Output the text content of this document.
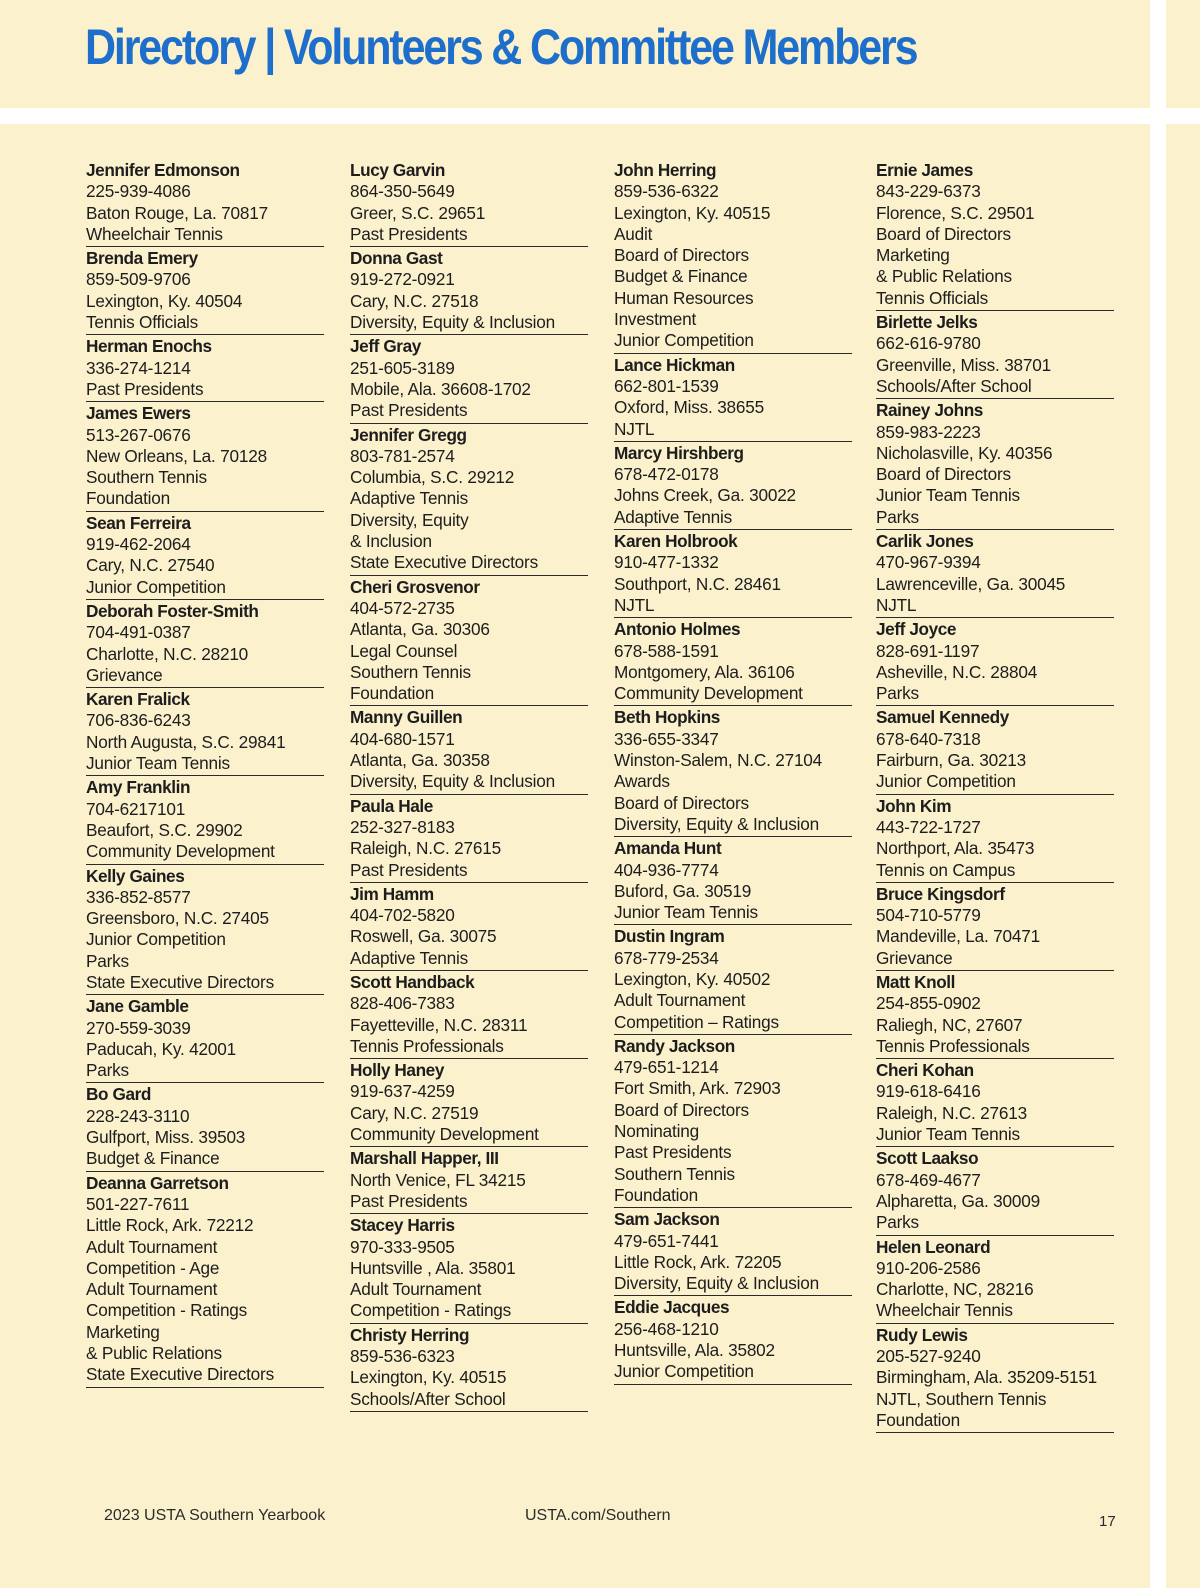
Directory | Volunteers & Committee Members
Jennifer Edmonson
225-939-4086
Baton Rouge, La. 70817
Wheelchair Tennis
Brenda Emery
859-509-9706
Lexington, Ky. 40504
Tennis Officials
Herman Enochs
336-274-1214
Past Presidents
James Ewers
513-267-0676
New Orleans, La. 70128
Southern Tennis
Foundation
Sean Ferreira
919-462-2064
Cary, N.C. 27540
Junior Competition
Deborah Foster-Smith
704-491-0387
Charlotte, N.C. 28210
Grievance
Karen Fralick
706-836-6243
North Augusta, S.C. 29841
Junior Team Tennis
Amy Franklin
704-6217101
Beaufort, S.C. 29902
Community Development
Kelly Gaines
336-852-8577
Greensboro, N.C. 27405
Junior Competition
Parks
State Executive Directors
Jane Gamble
270-559-3039
Paducah, Ky. 42001
Parks
Bo Gard
228-243-3110
Gulfport, Miss. 39503
Budget & Finance
Deanna Garretson
501-227-7611
Little Rock, Ark. 72212
Adult Tournament
Competition - Age
Adult Tournament
Competition - Ratings
Marketing
& Public Relations
State Executive Directors
Lucy Garvin
864-350-5649
Greer, S.C. 29651
Past Presidents
Donna Gast
919-272-0921
Cary, N.C. 27518
Diversity, Equity & Inclusion
Jeff Gray
251-605-3189
Mobile, Ala. 36608-1702
Past Presidents
Jennifer Gregg
803-781-2574
Columbia, S.C. 29212
Adaptive Tennis
Diversity, Equity
& Inclusion
State Executive Directors
Cheri Grosvenor
404-572-2735
Atlanta, Ga. 30306
Legal Counsel
Southern Tennis
Foundation
Manny Guillen
404-680-1571
Atlanta, Ga. 30358
Diversity, Equity & Inclusion
Paula Hale
252-327-8183
Raleigh, N.C. 27615
Past Presidents
Jim Hamm
404-702-5820
Roswell, Ga. 30075
Adaptive Tennis
Scott Handback
828-406-7383
Fayetteville, N.C. 28311
Tennis Professionals
Holly Haney
919-637-4259
Cary, N.C. 27519
Community Development
Marshall Happer, III
North Venice, FL 34215
Past Presidents
Stacey Harris
970-333-9505
Huntsville , Ala. 35801
Adult Tournament
Competition - Ratings
Christy Herring
859-536-6323
Lexington, Ky. 40515
Schools/After School
John Herring
859-536-6322
Lexington, Ky. 40515
Audit
Board of Directors
Budget & Finance
Human Resources
Investment
Junior Competition
Lance Hickman
662-801-1539
Oxford, Miss. 38655
NJTL
Marcy Hirshberg
678-472-0178
Johns Creek, Ga. 30022
Adaptive Tennis
Karen Holbrook
910-477-1332
Southport, N.C. 28461
NJTL
Antonio Holmes
678-588-1591
Montgomery, Ala. 36106
Community Development
Beth Hopkins
336-655-3347
Winston-Salem, N.C. 27104
Awards
Board of Directors
Diversity, Equity & Inclusion
Amanda Hunt
404-936-7774
Buford, Ga. 30519
Junior Team Tennis
Dustin Ingram
678-779-2534
Lexington, Ky. 40502
Adult Tournament
Competition – Ratings
Randy Jackson
479-651-1214
Fort Smith, Ark. 72903
Board of Directors
Nominating
Past Presidents
Southern Tennis
Foundation
Sam Jackson
479-651-7441
Little Rock, Ark. 72205
Diversity, Equity & Inclusion
Eddie Jacques
256-468-1210
Huntsville, Ala. 35802
Junior Competition
Ernie James
843-229-6373
Florence, S.C. 29501
Board of Directors
Marketing
& Public Relations
Tennis Officials
Birlette Jelks
662-616-9780
Greenville, Miss. 38701
Schools/After School
Rainey Johns
859-983-2223
Nicholasville, Ky. 40356
Board of Directors
Junior Team Tennis
Parks
Carlik Jones
470-967-9394
Lawrenceville, Ga. 30045
NJTL
Jeff Joyce
828-691-1197
Asheville, N.C. 28804
Parks
Samuel Kennedy
678-640-7318
Fairburn, Ga. 30213
Junior Competition
John Kim
443-722-1727
Northport, Ala. 35473
Tennis on Campus
Bruce Kingsdorf
504-710-5779
Mandeville, La. 70471
Grievance
Matt Knoll
254-855-0902
Raliegh, NC, 27607
Tennis Professionals
Cheri Kohan
919-618-6416
Raleigh, N.C. 27613
Junior Team Tennis
Scott Laakso
678-469-4677
Alpharetta, Ga. 30009
Parks
Helen Leonard
910-206-2586
Charlotte, NC, 28216
Wheelchair Tennis
Rudy Lewis
205-527-9240
Birmingham, Ala. 35209-5151
NJTL, Southern Tennis
Foundation
2023 USTA Southern Yearbook	USTA.com/Southern	17
